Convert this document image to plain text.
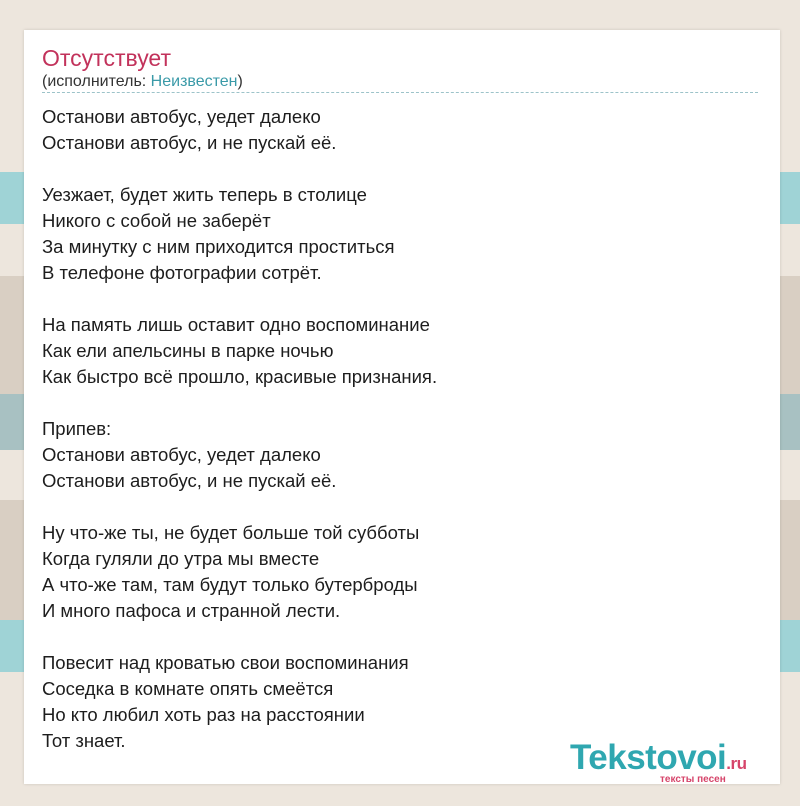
Отсутствует
(исполнитель: Неизвестен)
Останови автобус, уедет далеко
Останови автобус, и не пускай её.
Уезжает, будет жить теперь в столице
Никого с собой не заберёт
За минутку с ним приходится проститься
В телефоне фотографии сотрёт.
На память лишь оставит одно воспоминание
Как ели апельсины в парке ночью
Как быстро всё прошло, красивые признания.
Припев:
Останови автобус, уедет далеко
Останови автобус, и не пускай её.
Ну что-же ты, не будет больше той субботы
Когда гуляли до утра мы вместе
А что-же там, там будут только бутерброды
И много пафоса и странной лести.
Повесит над кроватью свои воспоминания
Соседка в комнате опять смеётся
Но кто любил хоть раз на расстоянии
Тот знает.	Tekstovoi.ru
тексты песен
